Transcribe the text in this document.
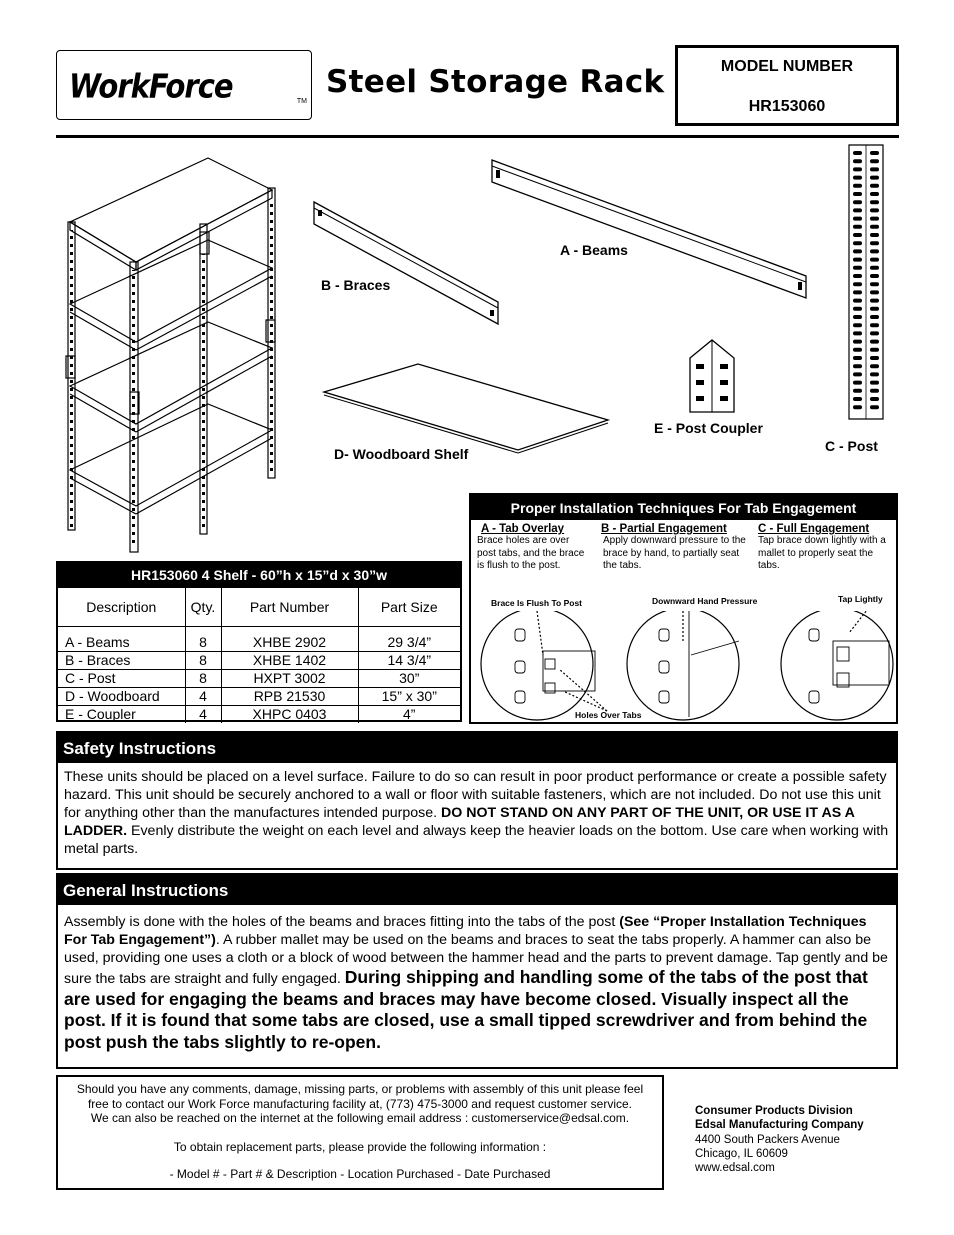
WorkForce	TM
Steel Storage Rack	MODEL NUMBER
HR153060
B - Braces
A - Beams
C - Post
D- Woodboard Shelf
E - Post Coupler
HR153060 4 Shelf - 60”h x 15”d x 30”w
Description	Qty.	Part Number	Part Size

A - Beams	8	XHBE 2902	29 3/4”
B - Braces	8	XHBE 1402	14 3/4”
C - Post	8	HXPT 3002	30”
D - Woodboard	4	RPB 21530	15” x 30”
E - Coupler	4	XHPC 0403	4”
Proper Installation Techniques For Tab Engagement
A - Tab Overlay
Brace holes are over post tabs, and the brace is flush to the post.
B - Partial Engagement
Apply downward pressure to the brace by hand, to partially seat the tabs.
C - Full Engagement
Tap brace down lightly with a mallet to properly seat the tabs.
Brace Is Flush To Post
Holes Over Tabs
Downward Hand Pressure	Tap Lightly
Safety Instructions
These units should be placed on a level surface. Failure to do so can result in poor product performance or create a possible safety hazard. This unit should be securely anchored to a wall or floor with suitable fasteners, which are not included. Do not use this unit for anything other than the manufactures intended purpose. DO NOT STAND ON ANY PART OF THE UNIT, OR USE IT AS A LADDER. Evenly distribute the weight on each level and always keep the heavier loads on the bottom. Use care when working with metal parts.
General Instructions
Assembly is done with the holes of the beams and braces fitting into the tabs of the post (See “Proper Installation Techniques For Tab Engagement”). A rubber mallet may be used on the beams and braces to seat the tabs properly. A hammer can also be used, providing one uses a cloth or a block of wood between the hammer head and the parts to prevent damage. Tap gently and be sure the tabs are straight and fully engaged. During shipping and handling some of the tabs of the post that are used for engaging the beams and braces may have become closed. Visually inspect all the post. If it is found that some tabs are closed, use a small tipped screwdriver and from behind the post push the tabs slightly to re-open.
Should you have any comments, damage, missing parts, or problems with assembly of this unit please feel
free to contact our Work Force manufacturing facility at, (773) 475-3000 and request customer service.
We can also be reached on the internet at the following email address : customerservice@edsal.com.
To obtain replacement parts, please provide the following information :
- Model # - Part # & Description - Location Purchased - Date Purchased
Consumer Products Division
Edsal Manufacturing Company
4400 South Packers Avenue
Chicago, IL 60609
www.edsal.com
